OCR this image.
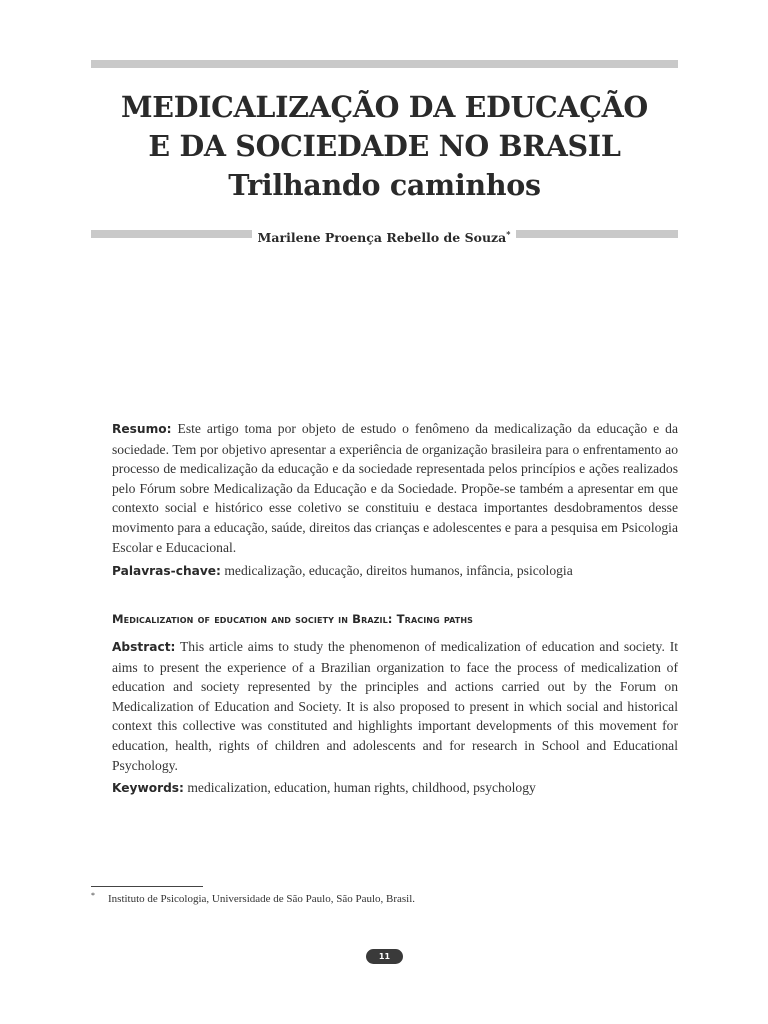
MEDICALIZAÇÃO DA EDUCAÇÃO
E DA SOCIEDADE NO BRASIL
Trilhando caminhos
Marilene Proença Rebello de Souza*
Resumo: Este artigo toma por objeto de estudo o fenômeno da medicalização da educação e da sociedade. Tem por objetivo apresentar a experiência de organização brasileira para o enfrentamento ao processo de medicalização da educação e da sociedade representada pelos princípios e ações realizados pelo Fórum sobre Medicalização da Educação e da Sociedade. Propõe-se também a apresentar em que contexto social e histórico esse coletivo se constituiu e destaca importantes desdobramentos desse movimento para a educação, saúde, direitos das crianças e adolescentes e para a pesquisa em Psicologia Escolar e Educacional.
Palavras-chave: medicalização, educação, direitos humanos, infância, psicologia
Medicalization of education and society in Brazil: Tracing paths
Abstract: This article aims to study the phenomenon of medicalization of education and society. It aims to present the experience of a Brazilian organization to face the process of medicalization of education and society represented by the principles and actions carried out by the Forum on Medicalization of Education and Society. It is also proposed to present in which social and historical context this collective was constituted and highlights important developments of this movement for education, health, rights of children and adolescents and for research in School and Educational Psychology.
Keywords: medicalization, education, human rights, childhood, psychology
* Instituto de Psicologia, Universidade de São Paulo, São Paulo, Brasil.
11
